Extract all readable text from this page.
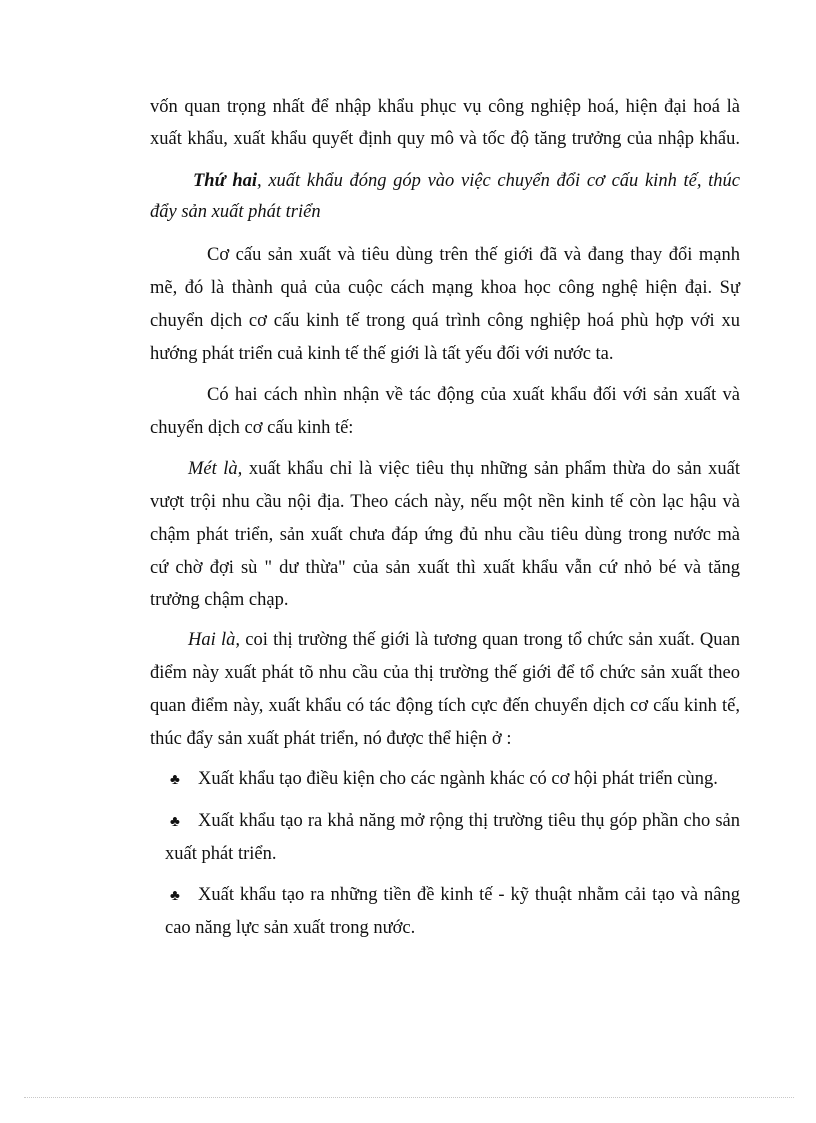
vốn quan trọng nhất để nhập khẩu phục vụ công nghiệp hoá, hiện đại hoá là
xuất khẩu, xuất khẩu quyết định quy mô và tốc độ tăng trưởng của nhập khẩu.
Thứ hai, xuất khẩu đóng góp vào việc chuyển đổi cơ cấu kinh tế, thúc
đẩy sản xuất phát triển
Cơ cấu sản xuất và tiêu dùng trên thế giới đã và đang thay đổi mạnh
mẽ, đó là thành quả của cuộc cách mạng khoa học công nghệ hiện đại. Sự
chuyển dịch cơ cấu kinh tế trong quá trình công nghiệp hoá phù hợp với xu
hướng phát triển cuả kinh tế thế giới là tất yếu đối với nước ta.
Có hai cách nhìn nhận về tác động của xuất khẩu đối với sản xuất và
chuyển dịch cơ cấu kinh tế:
Mét là, xuất khẩu chỉ là việc tiêu thụ những sản phẩm thừa do sản xuất
vượt trội nhu cầu nội địa. Theo cách này, nếu một nền kinh tế còn lạc hậu và
chậm phát triển, sản xuất chưa đáp ứng đủ nhu cầu tiêu dùng trong nước mà
cứ chờ đợi sù " dư thừa" của sản xuất thì xuất khẩu vẫn cứ nhỏ bé và tăng
trưởng chậm chạp.
Hai là, coi thị trường thế giới là tương quan trong tổ chức sản xuất. Quan
điểm này xuất phát tõ nhu cầu của thị trường thế giới để tổ chức sản xuất theo
quan điểm này, xuất khẩu có tác động tích cực đến chuyển dịch cơ cấu kinh tế,
thúc đẩy sản xuất phát triển, nó được thể hiện ở :
♣ Xuất khẩu tạo điều kiện cho các ngành khác có cơ hội phát triển cùng.
♣ Xuất khẩu tạo ra khả năng mở rộng thị trường tiêu thụ góp phần cho sản
xuất phát triển.
♣ Xuất khẩu tạo ra những tiền đề kinh tế - kỹ thuật nhằm cải tạo và nâng
cao năng lực sản xuất trong nước.
